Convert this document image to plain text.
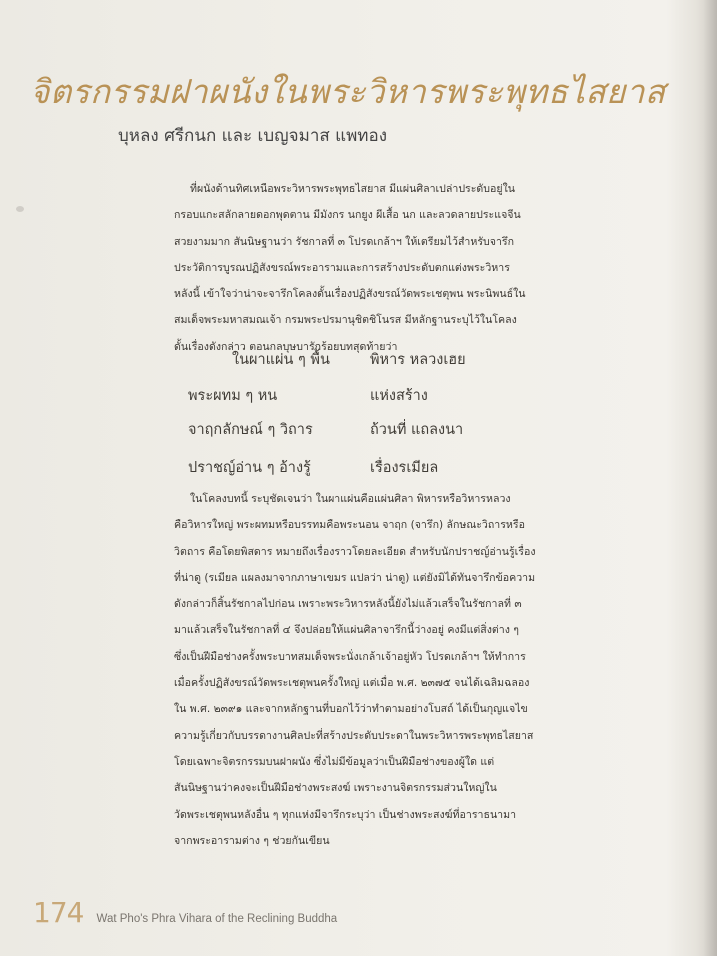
จิตรกรรมฝาผนังในพระวิหารพระพุทธไสยาส
บุหลง ศรีกนก และ เบญจมาส แพทอง

ที่ผนังด้านทิศเหนือพระวิหารพระพุทธไสยาส มีแผ่นศิลาเปล่าประดับอยู่ใน

กรอบแกะสลักลายดอกพุดตาน มีมังกร นกยูง ผีเสื้อ นก และลวดลายประแจจีน

สวยงามมาก สันนิษฐานว่า รัชกาลที่ ๓ โปรดเกล้าฯ ให้เตรียมไว้สำหรับจารึก

ประวัติการบูรณปฏิสังขรณ์พระอารามและการสร้างประดับตกแต่งพระวิหาร

หลังนี้ เข้าใจว่าน่าจะจารึกโคลงดั้นเรื่องปฏิสังขรณ์วัดพระเชตุพน พระนิพนธ์ใน

สมเด็จพระมหาสมณเจ้า กรมพระปรมานุชิตชิโนรส มีหลักฐานระบุไว้ในโคลง

ดั้นเรื่องดังกล่าว ตอนกลบุษบารักร้อยบทสุดท้ายว่า

ในผาแผ่น ๆ พื้น	พิหาร หลวงเฮย
พระผทม ๆ หน	แห่งสร้าง
จาฤกลักษณ์ ๆ วิถาร	ถ้วนที่ แถลงนา
ปราชญ์อ่าน ๆ อ้างรู้	เรื่องรเมียล

ในโคลงบทนี้ ระบุชัดเจนว่า ในผาแผ่นคือแผ่นศิลา พิหารหรือวิหารหลวง

คือวิหารใหญ่ พระผทมหรือบรรทมคือพระนอน จาฤก (จารึก) ลักษณะวิถารหรือ

วิตถาร คือโดยพิสดาร หมายถึงเรื่องราวโดยละเอียด สำหรับนักปราชญ์อ่านรู้เรื่อง

ที่น่าดู (รเมียล แผลงมาจากภาษาเขมร แปลว่า น่าดู) แต่ยังมิได้ทันจารึกข้อความ

ดังกล่าวก็สิ้นรัชกาลไปก่อน เพราะพระวิหารหลังนี้ยังไม่แล้วเสร็จในรัชกาลที่ ๓

มาแล้วเสร็จในรัชกาลที่ ๔ จึงปล่อยให้แผ่นศิลาจารึกนี้ว่างอยู่ คงมีแต่สิ่งต่าง ๆ

ซึ่งเป็นฝีมือช่างครั้งพระบาทสมเด็จพระนั่งเกล้าเจ้าอยู่หัว โปรดเกล้าฯ ให้ทำการ

เมื่อครั้งปฏิสังขรณ์วัดพระเชตุพนครั้งใหญ่ แต่เมื่อ พ.ศ. ๒๓๗๕ จนได้เฉลิมฉลอง

ใน พ.ศ. ๒๓๙๑ และจากหลักฐานที่บอกไว้ว่าทำตามอย่างโบสถ์ ได้เป็นกุญแจไข

ความรู้เกี่ยวกับบรรดางานศิลปะที่สร้างประดับประดาในพระวิหารพระพุทธไสยาส

โดยเฉพาะจิตรกรรมบนฝาผนัง ซึ่งไม่มีข้อมูลว่าเป็นฝีมือช่างของผู้ใด แต่

สันนิษฐานว่าคงจะเป็นฝีมือช่างพระสงฆ์ เพราะงานจิตรกรรมส่วนใหญ่ใน

วัดพระเชตุพนหลังอื่น ๆ ทุกแห่งมีจารึกระบุว่า เป็นช่างพระสงฆ์ที่อาราธนามา

จากพระอารามต่าง ๆ ช่วยกันเขียน

174 Wat Pho's Phra Vihara of the Reclining Buddha
